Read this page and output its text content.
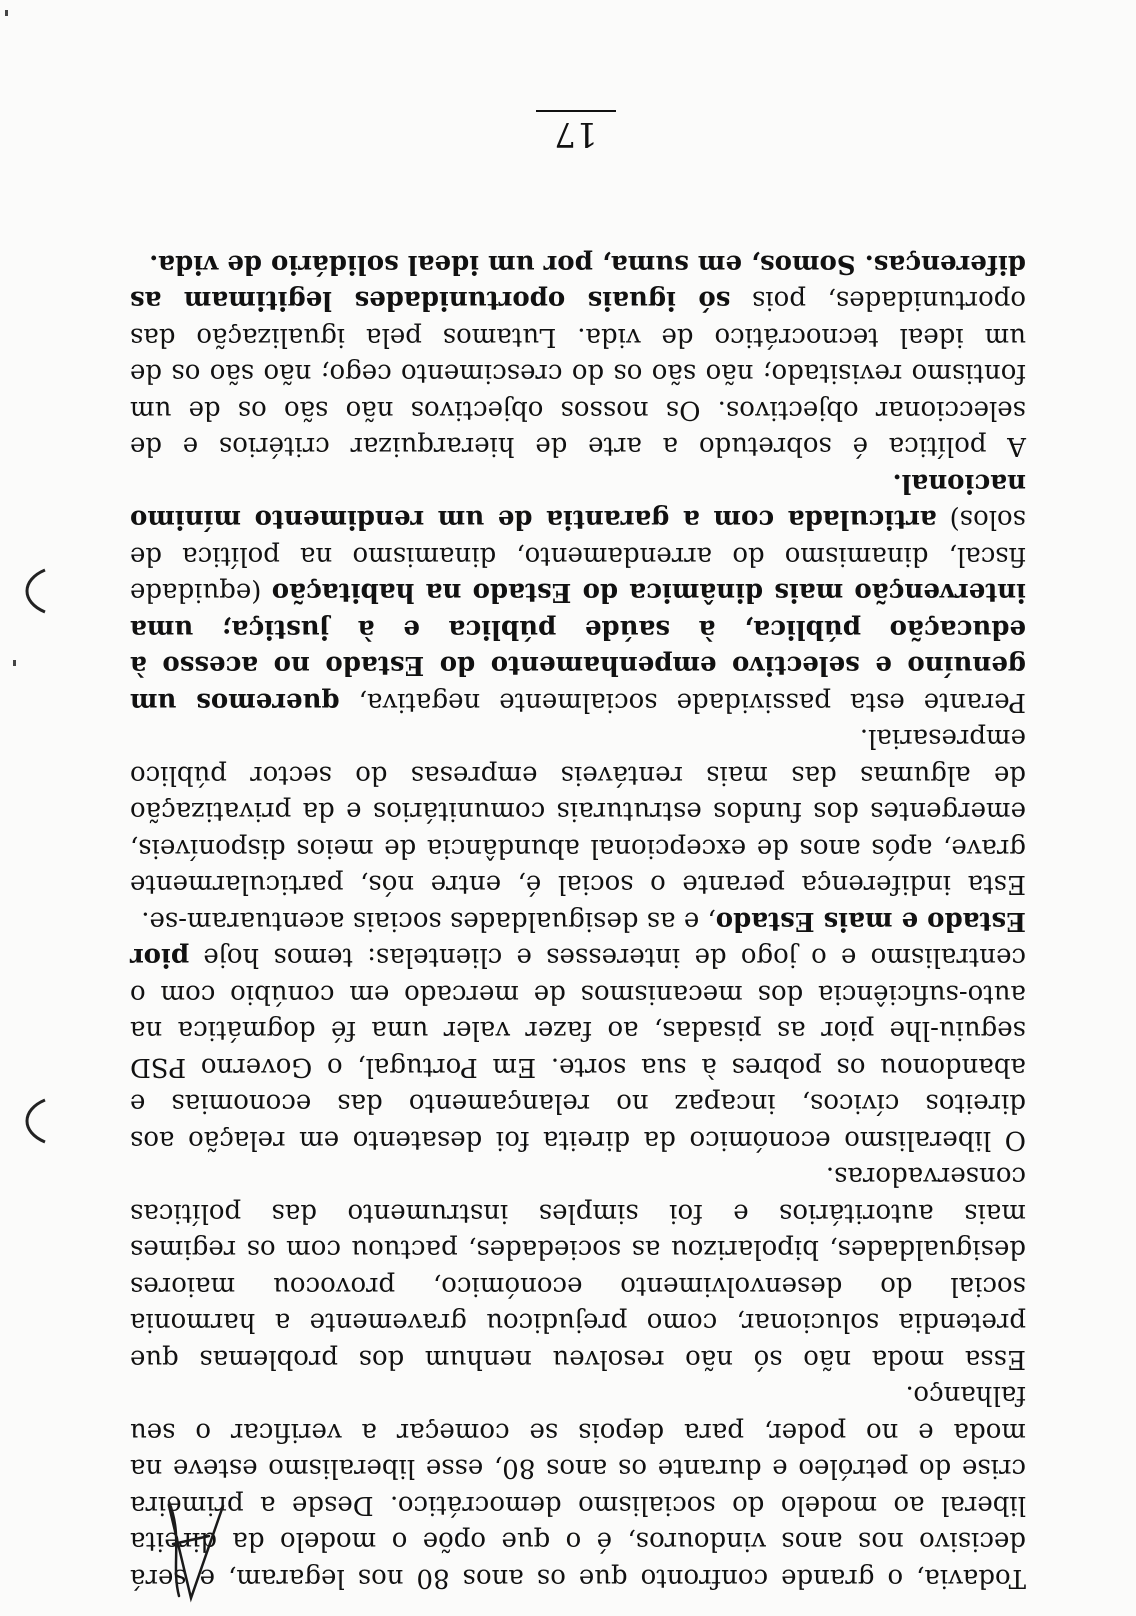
Todavia, o grande confronto que os anos 80 nos legaram, e será decisivo nos anos vindouros, é o que opõe o modelo da direita liberal ao modelo do socialismo democrático. Desde a primeira crise do petróleo e durante os anos 80, esse liberalismo esteve na moda e no poder, para depois se começar a verificar o seu falhanço.

Essa moda não só não resolveu nenhum dos problemas que pretendia solucionar, como prejudicou gravemente a harmonia social do desenvolvimento económico, provocou maiores desigualdades, bipolarizou as sociedades, pactuou com os regimes mais autoritários e foi simples instrumento das políticas conservadoras.

O liberalismo económico da direita foi desatento em relação aos direitos cívicos, incapaz no relançamento das economias e abandonou os pobres à sua sorte. Em Portugal, o Governo PSD seguiu-lhe pior as pisadas, ao fazer valer uma fé dogmática na auto-suficiência dos mecanismos de mercado em conúbio com o centralismo e o jogo de interesses e clientelas: temos hoje pior Estado e mais Estado, e as desigualdades sociais acentuaram-se.

Esta indiferença perante o social é, entre nós, particularmente grave, após anos de excepcional abundância de meios disponíveis, emergentes dos fundos estruturais comunitários e da privatização de algumas das mais rentáveis empresas do sector público empresarial.

Perante esta passividade socialmente negativa, queremos um genuíno e selectivo empenhamento do Estado no acesso à educação pública, à saúde pública e à justiça; uma intervenção mais dinâmica do Estado na habitação (equidade fiscal, dinamismo do arrendamento, dinamismo na política de solos) articulada com a garantia de um rendimento mínimo nacional.

A política é sobretudo a arte de hierarquizar critérios e de seleccionar objectivos. Os nossos objectivos não são os de um fontismo revisitado; não são os do crescimento cego; não são os de um ideal tecnocrático de vida. Lutamos pela igualização das oportunidades, pois só iguais oportunidades legitimam as diferenças. Somos, em suma, por um ideal solidário de vida.

17
